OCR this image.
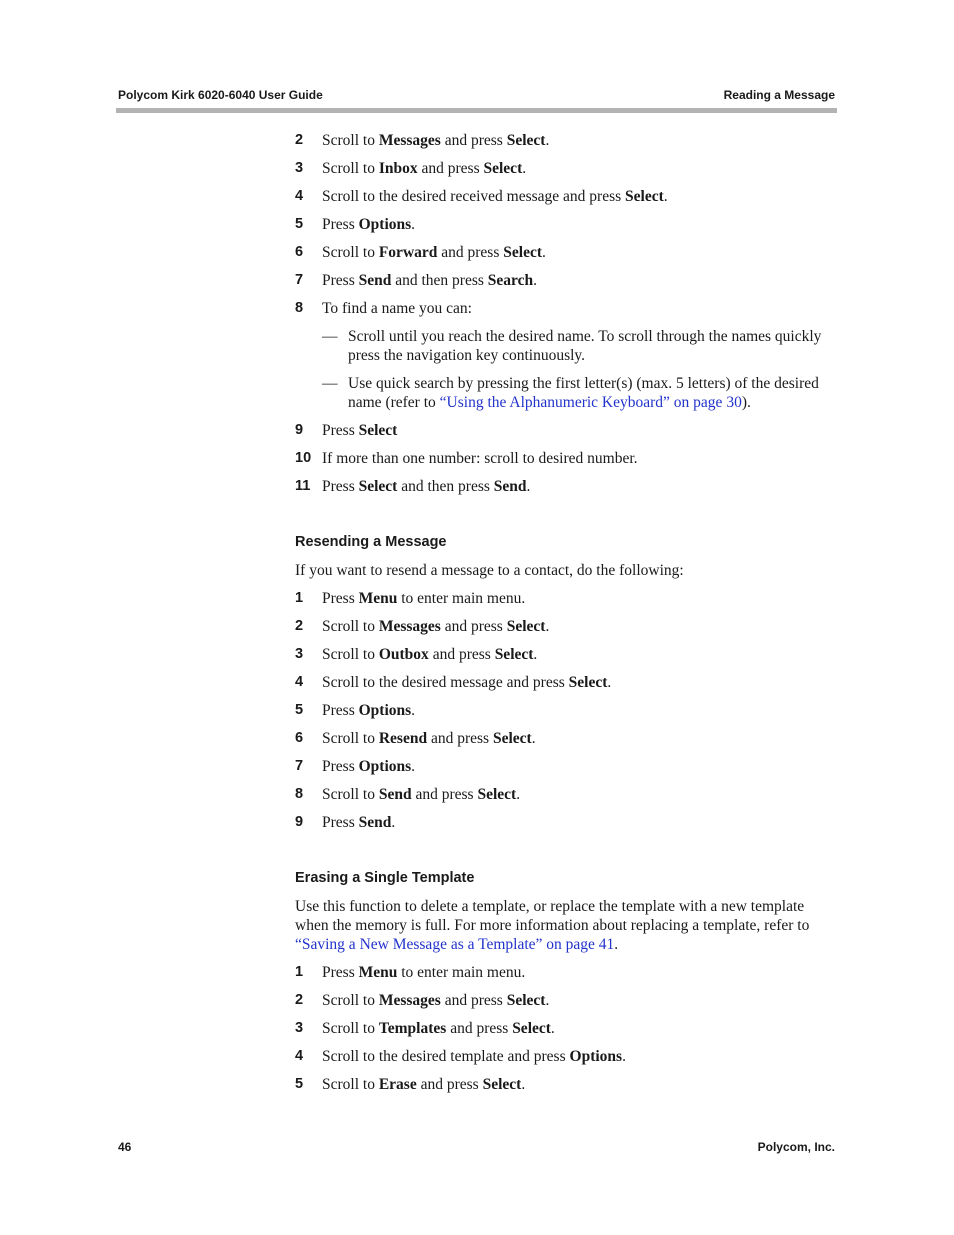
Polycom Kirk 6020-6040 User Guide	Reading a Message
2 Scroll to Messages and press Select.
3 Scroll to Inbox and press Select.
4 Scroll to the desired received message and press Select.
5 Press Options.
6 Scroll to Forward and press Select.
7 Press Send and then press Search.
8 To find a name you can:
— Scroll until you reach the desired name. To scroll through the names quickly press the navigation key continuously.
— Use quick search by pressing the first letter(s) (max. 5 letters) of the desired name (refer to “Using the Alphanumeric Keyboard” on page 30).
9 Press Select
10 If more than one number: scroll to desired number.
11 Press Select and then press Send.
Resending a Message
If you want to resend a message to a contact, do the following:
1 Press Menu to enter main menu.
2 Scroll to Messages and press Select.
3 Scroll to Outbox and press Select.
4 Scroll to the desired message and press Select.
5 Press Options.
6 Scroll to Resend and press Select.
7 Press Options.
8 Scroll to Send and press Select.
9 Press Send.
Erasing a Single Template
Use this function to delete a template, or replace the template with a new template when the memory is full. For more information about replacing a template, refer to “Saving a New Message as a Template” on page 41.
1 Press Menu to enter main menu.
2 Scroll to Messages and press Select.
3 Scroll to Templates and press Select.
4 Scroll to the desired template and press Options.
5 Scroll to Erase and press Select.
46	Polycom, Inc.
